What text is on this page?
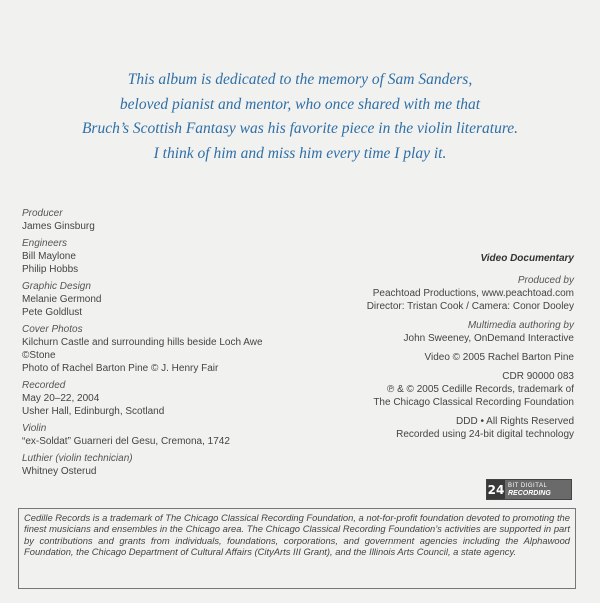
This album is dedicated to the memory of Sam Sanders,
beloved pianist and mentor, who once shared with me that
Bruch’s Scottish Fantasy was his favorite piece in the violin literature.
I think of him and miss him every time I play it.
Producer
James Ginsburg
Engineers
Bill Maylone
Philip Hobbs
Graphic Design
Melanie Germond
Pete Goldlust
Cover Photos
Kilchurn Castle and surrounding hills beside Loch Awe
©Stone
Photo of Rachel Barton Pine © J. Henry Fair
Recorded
May 20–22, 2004
Usher Hall, Edinburgh, Scotland
Violin
“ex-Soldat” Guarneri del Gesu, Cremona, 1742
Luthier (violin technician)
Whitney Osterud
Video Documentary
Produced by
Peachtoad Productions, www.peachtoad.com
Director: Tristan Cook / Camera: Conor Dooley
Multimedia authoring by
John Sweeney, OnDemand Interactive
Video © 2005 Rachel Barton Pine
CDR 90000 083
℗ & © 2005 Cedille Records, trademark of
The Chicago Classical Recording Foundation
DDD • All Rights Reserved
Recorded using 24-bit digital technology
24 BIT DIGITAL
RECORDING
Cedille Records is a trademark of The Chicago Classical Recording Foundation, a not-for-profit foundation devoted to promoting the finest musicians and ensembles in the Chicago area. The Chicago Classical Recording Foundation’s activities are supported in part by contributions and grants from individuals, foundations, corporations, and government agencies including the Alphawood Foundation, the Chicago Department of Cultural Affairs (CityArts III Grant), and the Illinois Arts Council, a state agency.
